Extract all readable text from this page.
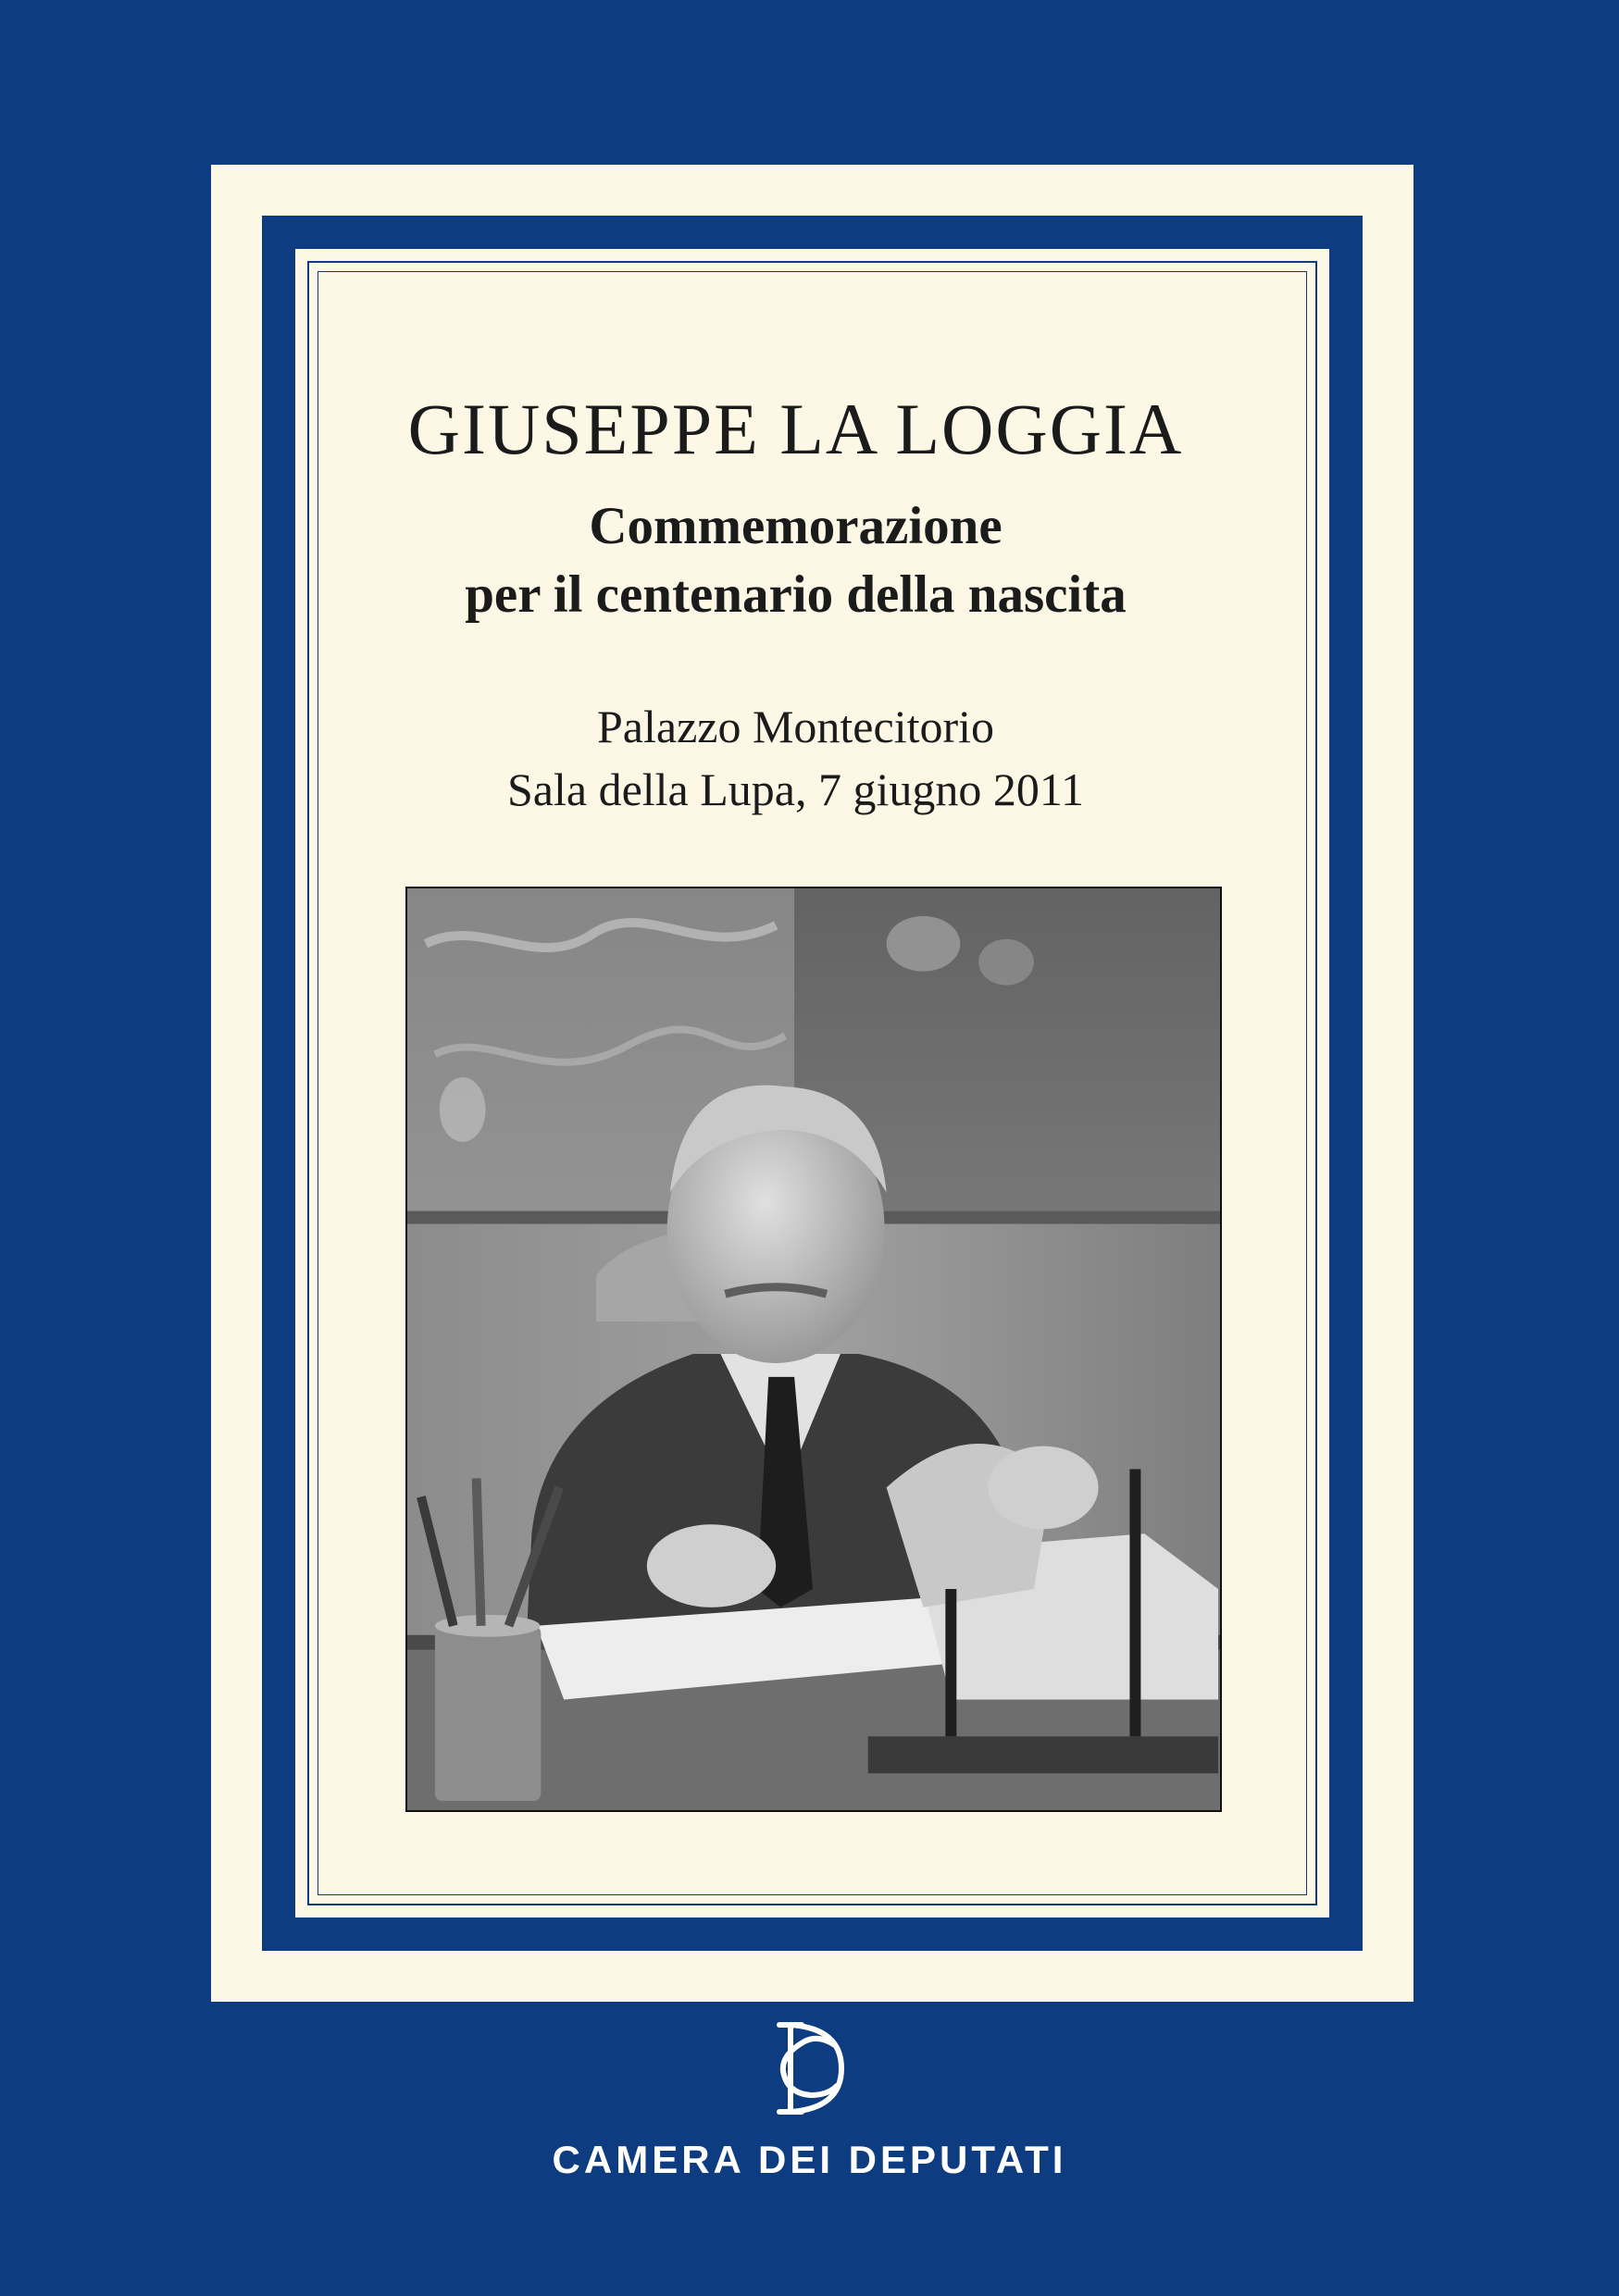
GIUSEPPE LA LOGGIA
Commemorazione
per il centenario della nascita
Palazzo Montecitorio
Sala della Lupa, 7 giugno 2011
CAMERA DEI DEPUTATI
